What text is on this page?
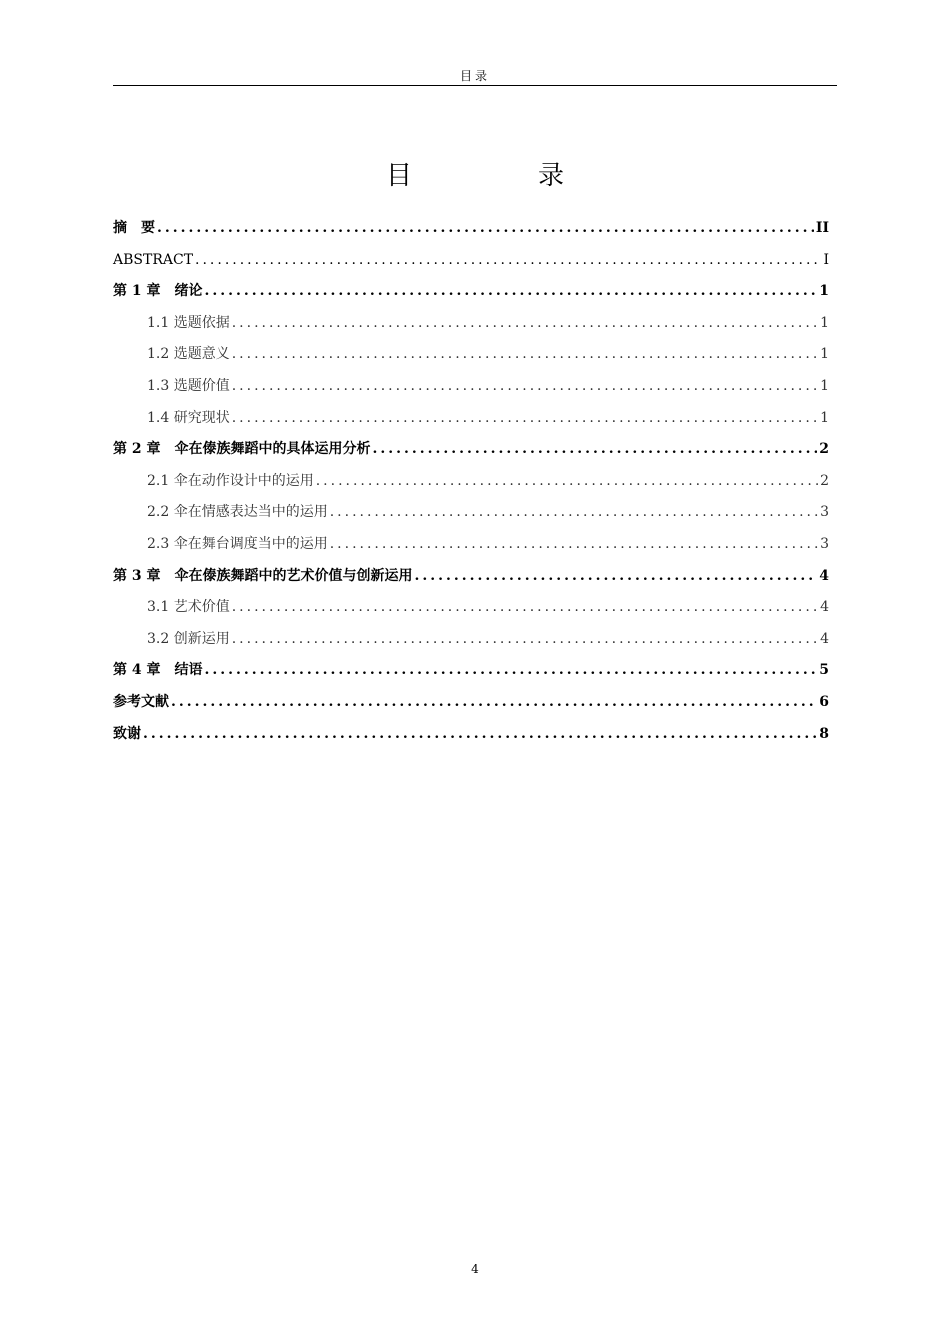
目录
目　录
摘　要 .....	II
ABSTRACT .....	I
第 1 章　绪论 .....	1
1.1 选题依据 .....	1
1.2 选题意义 .....	1
1.3 选题价值 .....	1
1.4 研究现状 .....	1
第 2 章　伞在傣族舞蹈中的具体运用分析 .....	2
2.1 伞在动作设计中的运用 .....	2
2.2 伞在情感表达当中的运用 .....	3
2.3 伞在舞台调度当中的运用 .....	3
第 3 章　伞在傣族舞蹈中的艺术价值与创新运用 .....	4
3.1 艺术价值 .....	4
3.2 创新运用 .....	4
第 4 章　结语 .....	5
参考文献 .....	6
致谢 .....	8
4
